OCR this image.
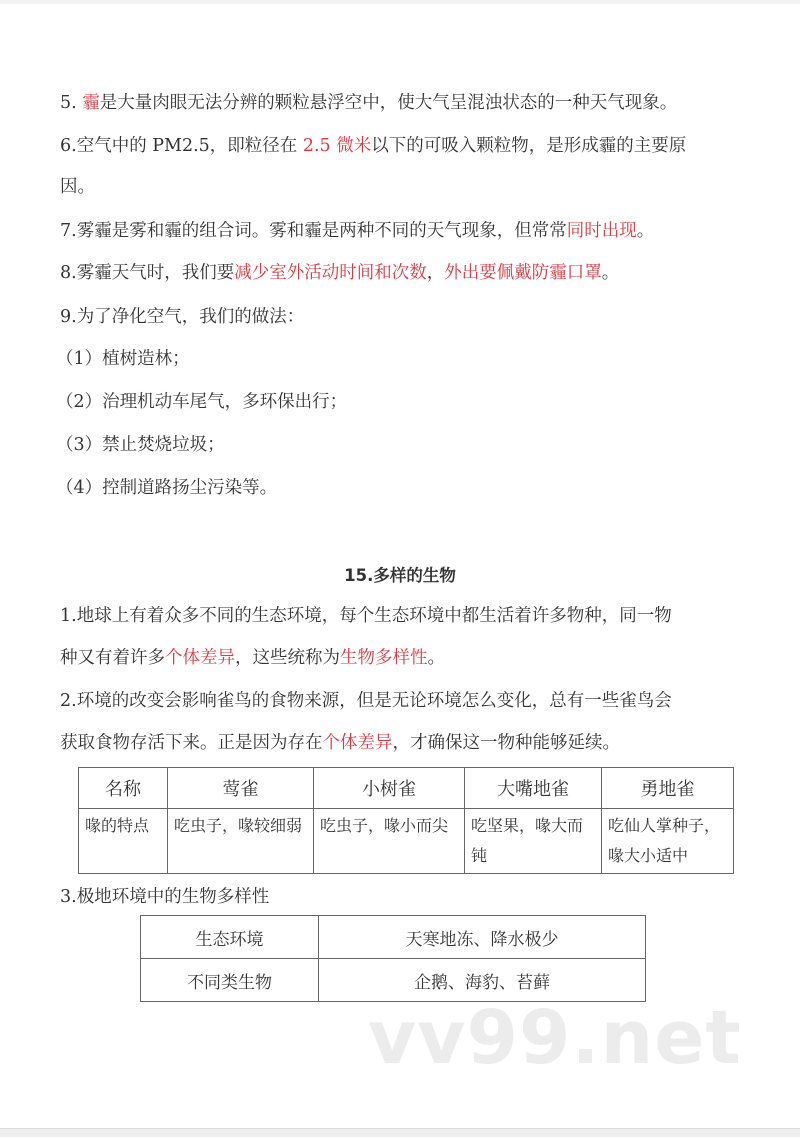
5. 霾是大量肉眼无法分辨的颗粒悬浮空中，使大气呈混浊状态的一种天气现象。
6.空气中的 PM2.5，即粒径在 2.5 微米以下的可吸入颗粒物，是形成霾的主要原
因。
7.雾霾是雾和霾的组合词。雾和霾是两种不同的天气现象，但常常同时出现。
8.雾霾天气时，我们要减少室外活动时间和次数，外出要佩戴防霾口罩。
9.为了净化空气，我们的做法：
（1）植树造林；
（2）治理机动车尾气，多环保出行；
（3）禁止焚烧垃圾；
（4）控制道路扬尘污染等。
15.多样的生物
1.地球上有着众多不同的生态环境，每个生态环境中都生活着许多物种，同一物
种又有着许多个体差异，这些统称为生物多样性。
2.环境的改变会影响雀鸟的食物来源，但是无论环境怎么变化，总有一些雀鸟会
获取食物存活下来。正是因为存在个体差异，才确保这一物种能够延续。
名称	莺雀	小树雀	大嘴地雀	勇地雀
喙的特点	吃虫子，喙较细弱	吃虫子，喙小而尖	吃坚果，喙大而钝	吃仙人掌种子，喙大小适中
3.极地环境中的生物多样性
生态环境	天寒地冻、降水极少
不同类生物	企鹅、海豹、苔藓
vv99.net
